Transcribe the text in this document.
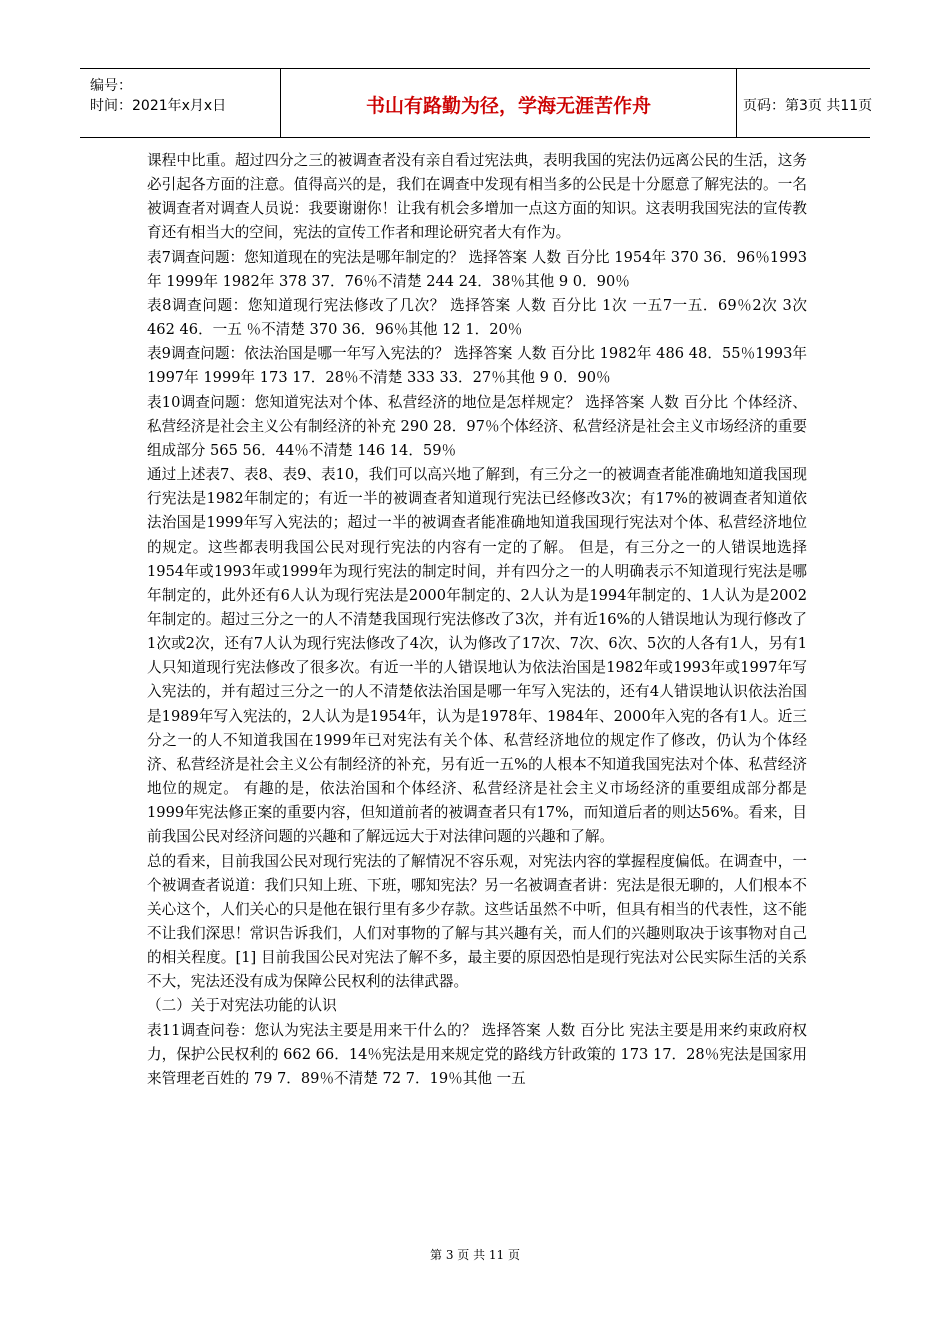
编号：
时间：2021年x月x日	书山有路勤为径，学海无涯苦作舟	页码：第3页 共11页

课程中比重。超过四分之三的被调查者没有亲自看过宪法典，表明我国的宪法仍远离公民的生活，这务必引起各方面的注意。值得高兴的是，我们在调查中发现有相当多的公民是十分愿意了解宪法的。一名被调查者对调查人员说：我要谢谢你！让我有机会多增加一点这方面的知识。这表明我国宪法的宣传教育还有相当大的空间，宪法的宣传工作者和理论研究者大有作为。

表7调查问题：您知道现在的宪法是哪年制定的？ 选择答案 人数 百分比 1954年 370 36．96％1993年 1999年 1982年 378 37．76％不清楚 244 24．38％其他 9 0．90％

表8调查问题：您知道现行宪法修改了几次？ 选择答案 人数 百分比 1次 一五7一五．69％2次 3次 462 46．一五 ％不清楚 370 36．96％其他 12 1．20％

表9调查问题：依法治国是哪一年写入宪法的？ 选择答案 人数 百分比 1982年 486 48．55％1993年 1997年 1999年 173 17．28％不清楚 333 33．27％其他 9 0．90％

表10调查问题：您知道宪法对个体、私营经济的地位是怎样规定？ 选择答案 人数 百分比 个体经济、私营经济是社会主义公有制经济的补充 290 28．97％个体经济、私营经济是社会主义市场经济的重要组成部分 565 56．44％不清楚 146 14．59％

通过上述表7、表8、表9、表10，我们可以高兴地了解到，有三分之一的被调查者能准确地知道我国现行宪法是1982年制定的；有近一半的被调查者知道现行宪法已经修改3次；有17%的被调查者知道依法治国是1999年写入宪法的；超过一半的被调查者能准确地知道我国现行宪法对个体、私营经济地位的规定。这些都表明我国公民对现行宪法的内容有一定的了解。 但是，有三分之一的人错误地选择1954年或1993年或1999年为现行宪法的制定时间，并有四分之一的人明确表示不知道现行宪法是哪年制定的，此外还有6人认为现行宪法是2000年制定的、2人认为是1994年制定的、1人认为是2002年制定的。超过三分之一的人不清楚我国现行宪法修改了3次，并有近16%的人错误地认为现行修改了1次或2次，还有7人认为现行宪法修改了4次，认为修改了17次、7次、6次、5次的人各有1人，另有1人只知道现行宪法修改了很多次。有近一半的人错误地认为依法治国是1982年或1993年或1997年写入宪法的，并有超过三分之一的人不清楚依法治国是哪一年写入宪法的，还有4人错误地认识依法治国是1989年写入宪法的，2人认为是1954年，认为是1978年、1984年、2000年入宪的各有1人。近三分之一的人不知道我国在1999年已对宪法有关个体、私营经济地位的规定作了修改，仍认为个体经济、私营经济是社会主义公有制经济的补充，另有近一五%的人根本不知道我国宪法对个体、私营经济地位的规定。 有趣的是，依法治国和个体经济、私营经济是社会主义市场经济的重要组成部分都是1999年宪法修正案的重要内容，但知道前者的被调查者只有17%，而知道后者的则达56%。看来，目前我国公民对经济问题的兴趣和了解远远大于对法律问题的兴趣和了解。

总的看来，目前我国公民对现行宪法的了解情况不容乐观，对宪法内容的掌握程度偏低。在调查中，一个被调查者说道：我们只知上班、下班，哪知宪法？另一名被调查者讲：宪法是很无聊的，人们根本不关心这个，人们关心的只是他在银行里有多少存款。这些话虽然不中听，但具有相当的代表性，这不能不让我们深思！常识告诉我们，人们对事物的了解与其兴趣有关，而人们的兴趣则取决于该事物对自己的相关程度。[1] 目前我国公民对宪法了解不多，最主要的原因恐怕是现行宪法对公民实际生活的关系不大，宪法还没有成为保障公民权利的法律武器。

（二）关于对宪法功能的认识

表11调查问卷：您认为宪法主要是用来干什么的？ 选择答案 人数 百分比 宪法主要是用来约束政府权力，保护公民权利的 662 66．14％宪法是用来规定党的路线方针政策的 173 17．28％宪法是国家用来管理老百姓的 79 7．89％不清楚 72 7．19％其他 一五

第 3 页 共 11 页
